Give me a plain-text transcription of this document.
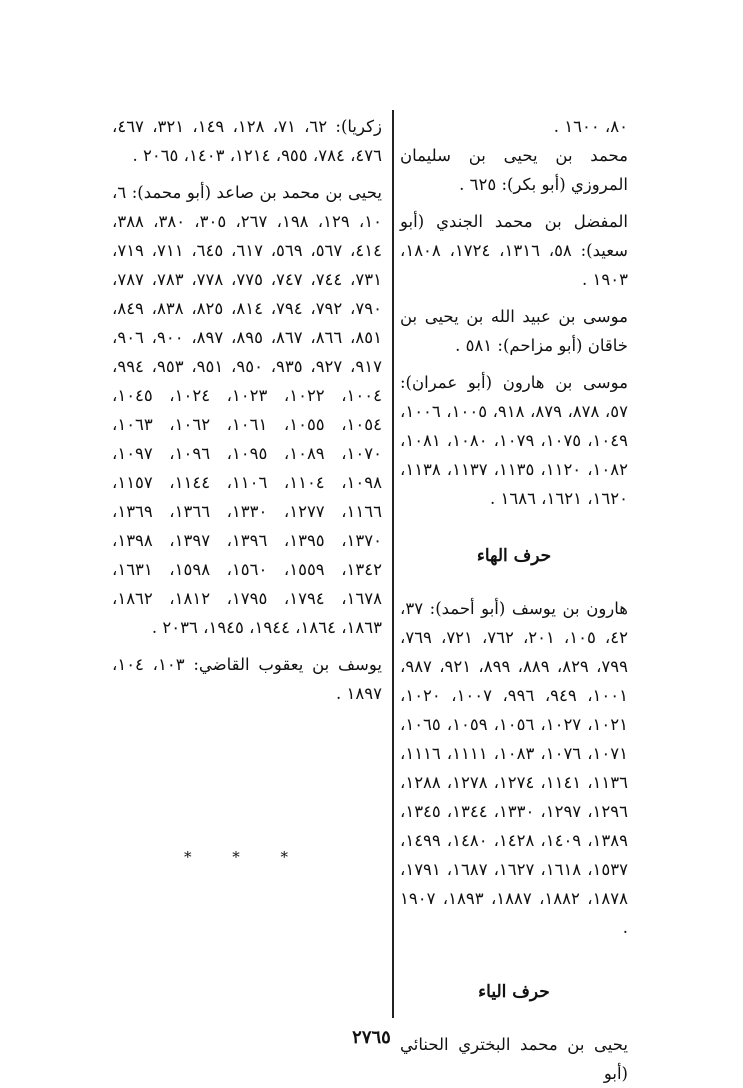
٨٠، ١٦٠٠ .

محمد بن يحيى بن سليمان المروزي (أبو بكر): ٦٢٥ .

المفضل بن محمد الجندي (أبو سعيد): ٥٨، ١٣١٦، ١٧٢٤، ١٨٠٨، ١٩٠٣ .

موسى بن عبيد الله بن يحيى بن خاقان (أبو مزاحم): ٥٨١ .

موسى بن هارون (أبو عمران): ٥٧، ٨٧٨، ٨٧٩، ٩١٨، ١٠٠٥، ١٠٠٦، ١٠٤٩، ١٠٧٥، ١٠٧٩، ١٠٨٠، ١٠٨١، ١٠٨٢، ١١٢٠، ١١٣٥، ١١٣٧، ١١٣٨، ١٦٢٠، ١٦٢١، ١٦٨٦ .

حرف الهاء

هارون بن يوسف (أبو أحمد): ٣٧، ٤٢، ١٠٥، ٢٠١، ٧٦٢، ٧٢١، ٧٦٩، ٧٩٩، ٨٢٩، ٨٨٩، ٨٩٩، ٩٢١، ٩٨٧، ١٠٠١، ٩٤٩، ٩٩٦، ١٠٠٧، ١٠٢٠، ١٠٢١، ١٠٢٧، ١٠٥٦، ١٠٥٩، ١٠٦٥، ١٠٧١، ١٠٧٦، ١٠٨٣، ١١١١، ١١١٦، ١١٣٦، ١١٤١، ١٢٧٤، ١٢٧٨، ١٢٨٨، ١٢٩٦، ١٢٩٧، ١٣٣٠، ١٣٤٤، ١٣٤٥، ١٣٨٩، ١٤٠٩، ١٤٢٨، ١٤٨٠، ١٤٩٩، ١٥٣٧، ١٦١٨، ١٦٢٧، ١٦٨٧، ١٧٩١، ١٨٧٨، ١٨٨٢، ١٨٨٧، ١٨٩٣، ١٩٠٧ .

حرف الياء

يحيى بن محمد البختري الحنائي (أبو

زكريا): ٦٢، ٧١، ١٢٨، ١٤٩، ٣٢١، ٤٦٧، ٤٧٦، ٧٨٤، ٩٥٥، ١٢١٤، ١٤٠٣، ٢٠٦٥ .

يحيى بن محمد بن صاعد (أبو محمد): ٦، ١٠، ١٢٩، ١٩٨، ٢٦٧، ٣٠٥، ٣٨٠، ٣٨٨، ٤١٤، ٥٦٧، ٥٦٩، ٦١٧، ٦٤٥، ٧١١، ٧١٩، ٧٣١، ٧٤٤، ٧٤٧، ٧٧٥، ٧٧٨، ٧٨٣، ٧٨٧، ٧٩٠، ٧٩٢، ٧٩٤، ٨١٤، ٨٢٥، ٨٣٨، ٨٤٩، ٨٥١، ٨٦٦، ٨٦٧، ٨٩٥، ٨٩٧، ٩٠٠، ٩٠٦، ٩١٧، ٩٢٧، ٩٣٥، ٩٥٠، ٩٥١، ٩٥٣، ٩٩٤، ١٠٠٤، ١٠٢٢، ١٠٢٣، ١٠٢٤، ١٠٤٥، ١٠٥٤، ١٠٥٥، ١٠٦١، ١٠٦٢، ١٠٦٣، ١٠٧٠، ١٠٨٩، ١٠٩٥، ١٠٩٦، ١٠٩٧، ١٠٩٨، ١١٠٤، ١١٠٦، ١١٤٤، ١١٥٧، ١١٦٦، ١٢٧٧، ١٣٣٠، ١٣٦٦، ١٣٦٩، ١٣٧٠، ١٣٩٥، ١٣٩٦، ١٣٩٧، ١٣٩٨، ١٣٤٢، ١٥٥٩، ١٥٦٠، ١٥٩٨، ١٦٣١، ١٦٧٨، ١٧٩٤، ١٧٩٥، ١٨١٢، ١٨٦٢، ١٨٦٣، ١٨٦٤، ١٩٤٤، ١٩٤٥، ٢٠٣٦ .

يوسف بن يعقوب القاضي: ١٠٣، ١٠٤، ١٨٩٧ .

* * *
٢٧٦٥
